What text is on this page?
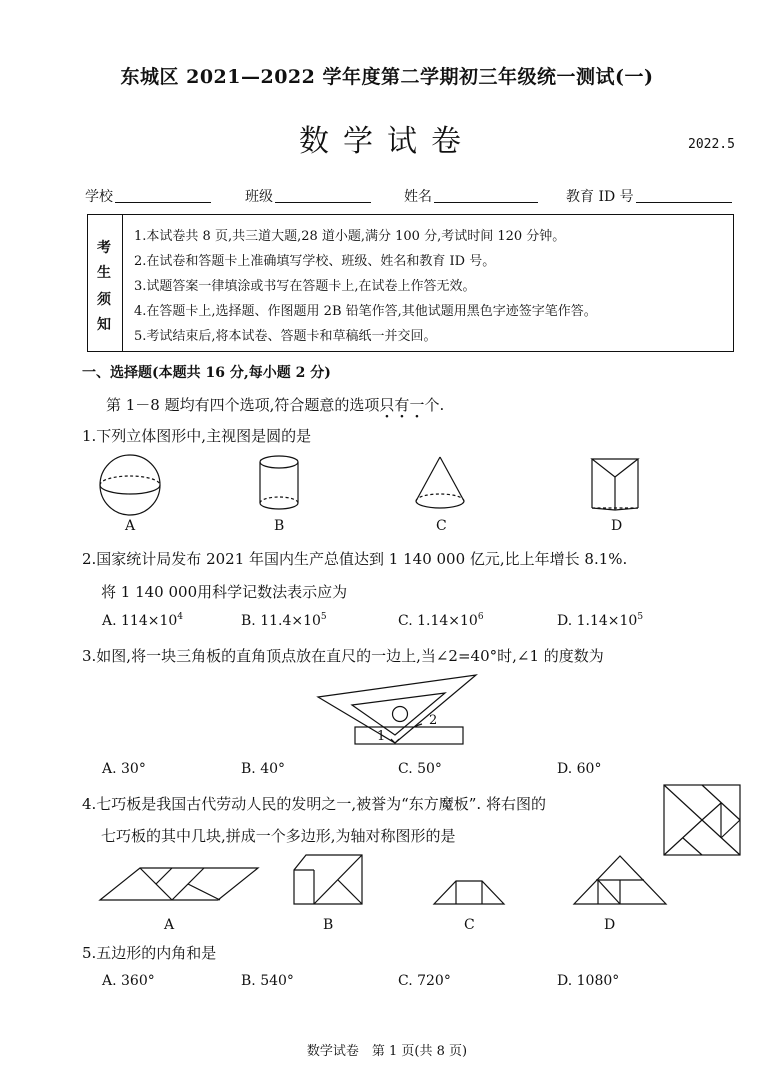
东城区 2021—2022 学年度第二学期初三年级统一测试(一)
数学试卷	2022.5
学校	班级	姓名	教育 ID 号
考
生
须
知
1.本试卷共 8 页,共三道大题,28 道小题,满分 100 分,考试时间 120 分钟。
2.在试卷和答题卡上准确填写学校、班级、姓名和教育 ID 号。
3.试题答案一律填涂或书写在答题卡上,在试卷上作答无效。
4.在答题卡上,选择题、作图题用 2B 铅笔作答,其他试题用黑色字迹签字笔作答。
5.考试结束后,将本试卷、答题卡和草稿纸一并交回。
一、选择题(本题共 16 分,每小题 2 分)
第 1－8 题均有四个选项,符合题意的选项只有一个.
1.下列立体图形中,主视图是圆的是
A	B	C	D
2.国家统计局发布 2021 年国内生产总值达到 1 140 000 亿元,比上年增长 8.1%.
将 1 140 000用科学记数法表示应为
A. $114\times 10^4$	B. $11.4\times 10^5$	C. $1.14\times 10^6$	D. $1.14\times 10^5$
3.如图,将一块三角板的直角顶点放在直尺的一边上,当∠2=40°时,∠1 的度数为
1
2
A. 30°	B. 40°	C. 50°	D. 60°
4.七巧板是我国古代劳动人民的发明之一,被誉为“东方魔板”. 将右图的
七巧板的其中几块,拼成一个多边形,为轴对称图形的是
A	B	C	D
5.五边形的内角和是
A. 360°	B. 540°	C. 720°	D. 1080°
数学试卷　第 1 页(共 8 页)
